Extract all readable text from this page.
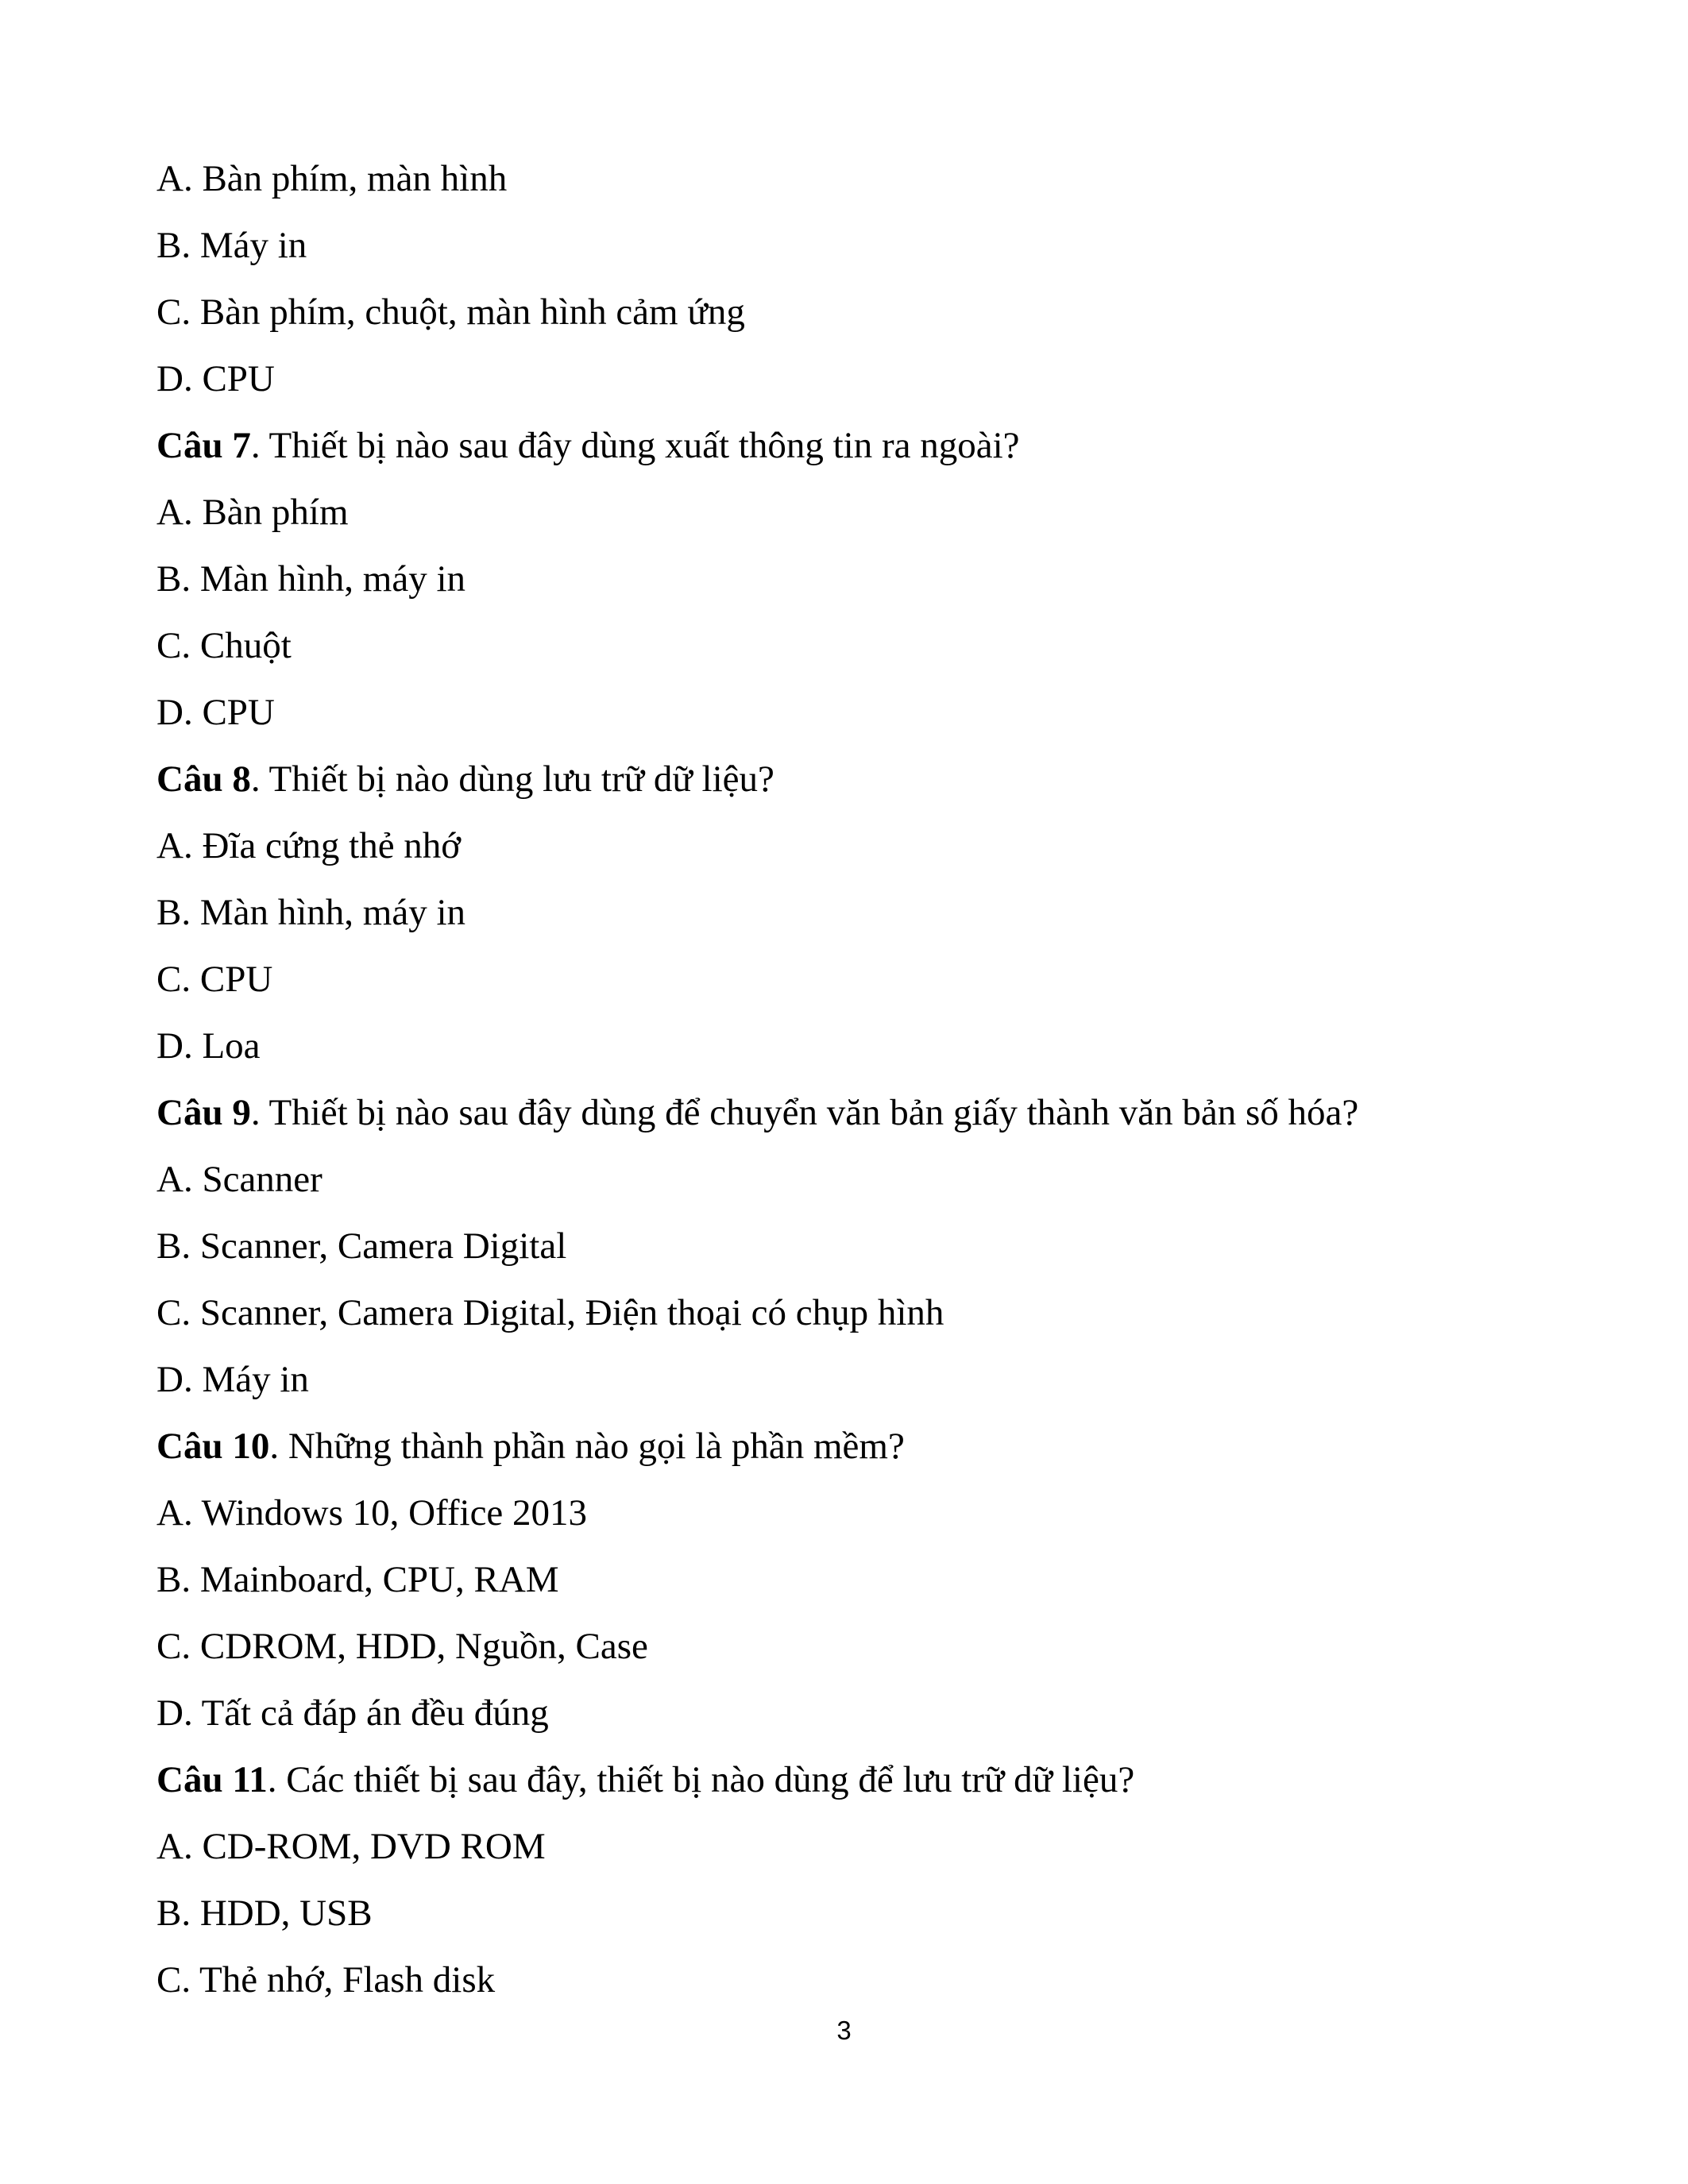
A. Bàn phím, màn hình
B. Máy in
C. Bàn phím, chuột, màn hình cảm ứng
D. CPU
Câu 7. Thiết bị nào sau đây dùng xuất thông tin ra ngoài?
A. Bàn phím
B. Màn hình, máy in
C. Chuột
D. CPU
Câu 8. Thiết bị nào dùng lưu trữ dữ liệu?
A. Đĩa cứng thẻ nhớ
B. Màn hình, máy in
C. CPU
D. Loa
Câu 9. Thiết bị nào sau đây dùng để chuyển văn bản giấy thành văn bản số hóa?
A. Scanner
B. Scanner, Camera Digital
C. Scanner, Camera Digital, Điện thoại có chụp hình
D. Máy in
Câu 10. Những thành phần nào gọi là phần mềm?
A. Windows 10, Office 2013
B. Mainboard, CPU, RAM
C. CDROM, HDD, Nguồn, Case
D. Tất cả đáp án đều đúng
Câu 11. Các thiết bị sau đây, thiết bị nào dùng để lưu trữ dữ liệu?
A. CD-ROM, DVD ROM
B. HDD, USB
C. Thẻ nhớ, Flash disk
3
